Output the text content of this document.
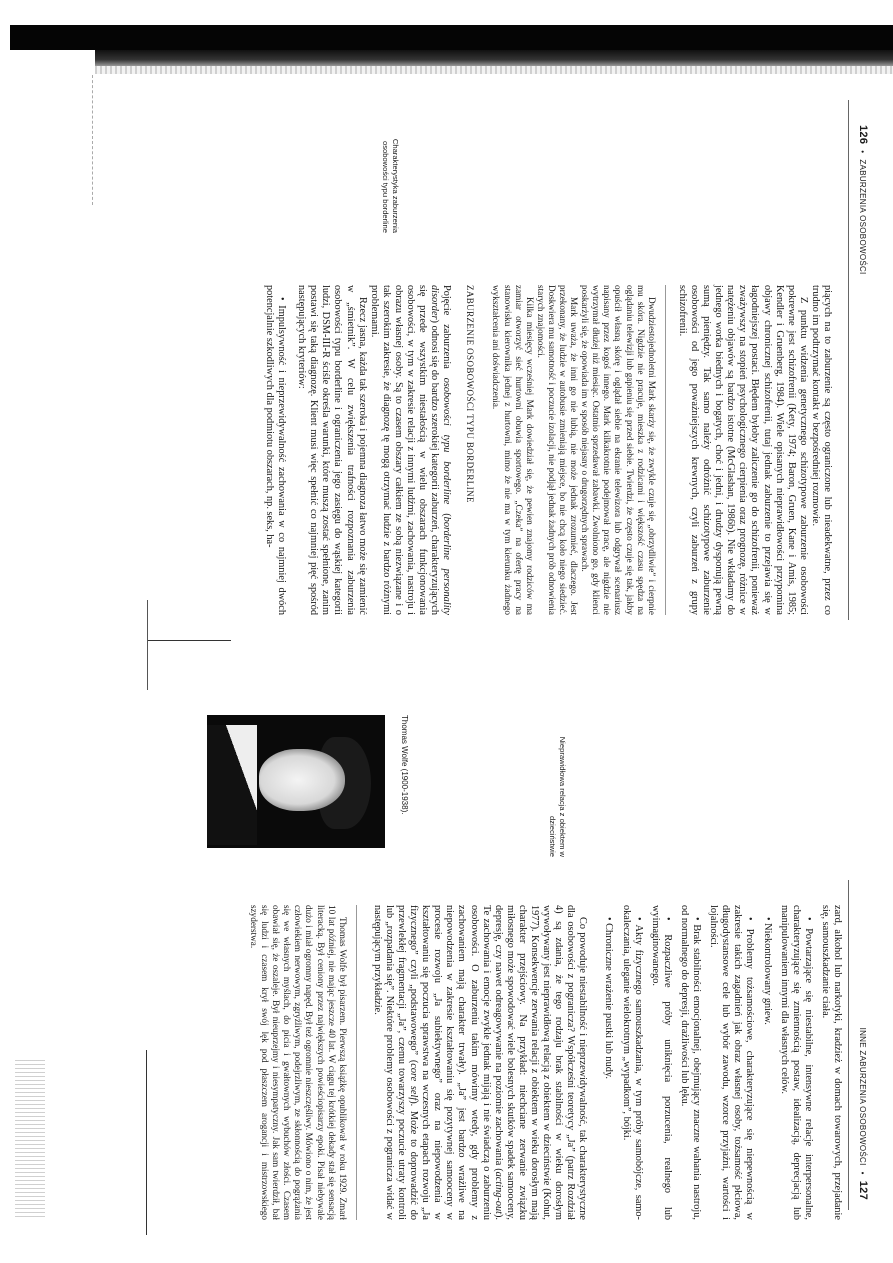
126•ZABURZENIA OSOBOWOŚCI
Charakterystyka zaburzenia osobowości typu borderline

piących na to zaburzenie są często ograniczone lub nieadekwatne, przez co trudno im podtrzymać kontakt w bezpośredniej rozmowie.

Z punktu widzenia genetycznego schizotypowe zaburzenie osobowości pokrewne jest schizofrenii (Kety, 1974; Baron, Gruen, Kane i Amis, 1985; Kendler i Gruenberg, 1984). Wiele opisanych nieprawidłowości przypomina objawy chronicznej schizofrenii, tutaj jednak zaburzenie to przejawia się w łagodniejszej postaci. Błędem byłoby zaliczenie go do schizofrenii, ponieważ zważywszy na stopień psychologicznego cierpienia oraz prognozę, różnice w natężeniu objawów są bardzo istotne (McGlashan, 1986b). Nie wkładamy do jednego worka biednych i bogatych, choć i jedni, i drudzy dysponują pewną sumą pieniędzy. Tak samo należy odróżnić schizotypowe zaburzenie osobowości od jego poważniejszych krewnych, czyli zaburzeń z grupy schizofrenii.

Dwudziestojednoletni Mark skarży się, że zwykle czuje się „obrzydliwie” i cierpnie mu skóra. Nigdzie nie pracuje, mieszka z rodzicami i większość czasu spędza na oglądaniu telewizji lub gapieniu się przed siebie. Twierdzi, że często czuje się tak, jakby opuścił własną skórę i oglądał siebie na ekranie telewizora lub odgrywał scenariusz napisany przez kogoś innego. Mark kilkakrotnie podejmował pracę, ale nigdzie nie wytrzymał dłużej niż miesiąc. Ostatnio sprzedawał zabawki. Zwolniono go, gdy klienci poskarżyli się, że opowiada im w sposób niejasny o drugorzędnych sprawach.

Mark uważa, że inni go nie lubią, nie może jednak zrozumieć, dlaczego. Jest przekonany, że ludzie w autobusie zmieniają miejsce, bo nie chcą koło niego siedzieć. Doskwiera mu samotność i poczucie izolacji, nie podjął jednak żadnych prób odnowienia starych znajomości.

Kilka miesięcy wcześniej Mark dowiedział się, że pewien znajomy rodziców ma zamiar otworzyć sieć hurtowni obuwia sportowego. „Czeka” na ofertę pracy na stanowisku kierownika jednej z hurtowni, mimo że nie ma w tym kierunku żadnego wykształcenia ani doświadczenia.

ZABURZENIE OSOBOWOŚCI TYPU BORDERLINE

Pojęcie zaburzenia osobowości typu borderline (borderline personality disorder) odnosi się do bardzo szerokiej kategorii zaburzeń, charakteryzujących się przede wszystkim niestałością w wielu obszarach funkcjonowania osobowości, w tym w zakresie relacji z innymi ludźmi, zachowania, nastroju i obrazu własnej osoby. Są to czasem obszary całkiem ze sobą niezwiązane i o tak szerokim zakresie, że diagnozę tę mogą otrzymać ludzie z bardzo różnymi problemami.

Rzecz jasna, każda tak szeroka i pojemna diagnoza łatwo może się zamienić w „śmietnik”. W celu zwiększenia trafności rozpoznania zaburzenia osobowości typu borderline i ograniczenia jego zasięgu do wąskiej kategorii ludzi, DSM-III-R ściśle określa warunki, które muszą zostać spełnione, zanim postawi się taką diagnozę. Klient musi więc spełnić co najmniej pięć spośród następujących kryteriów:

• Impulsywność i nieprzewidywalność zachowania w co najmniej dwóch potencjalnie szkodliwych dla podmiotu obszarach, np. seks, ha-

INNE ZABURZENIA OSOBOWOŚCI•127
Nieprawidłowa relacja z obiektem w dzieciństwie
Thomas Wolfe (1900-1938).

zard, alkohol lub narkotyki, kradzież w domach towarowych, przejadanie się, samouszkadzanie ciała.

• Powtarzające się niestabilne, intensywne relacje interpersonalne, charakteryzujące się zmiennością postaw, idealizacją, deprecjacją lub manipulowaniem innymi dla własnych celów.

• Niekontrolowany gniew.

• Problemy tożsamościowe, charakteryzujące się niepewnością w zakresie takich zagadnień jak obraz własnej osoby, tożsamość płciowa, długodystansowe cele lub wybór zawodu, wzorce przyjaźni, wartości i lojalności.

• Brak stabilności emocjonalnej, obejmujący znaczne wahania nastroju, od normalnego do depresji, drażliwości lub lęku.

• Rozpaczliwe próby uniknięcia porzucenia, realnego lub wyimaginowanego.

• Akty fizycznego samouszkadzania, w tym próby samobójcze, samo-okaleczania, uleganie wielokrotnym „wypadkom”, bójki.

• Chroniczne wrażenie pustki lub nudy.

Co powoduje niestabilność i nieprzewidywalność, tak charakterystyczne dla osobowości z pogranicza? Współcześni teoretycy „Ja” (patrz Rozdział 4) są zdania, że tego rodzaju brak stabilności w wieku dorosłym wywoływany jest nieprawidłową relacją z obiektem w dzieciństwie (Kohut, 1977). Konsekwencje zerwania relacji z obiektem w wieku dorosłym mają charakter przejściowy. Na przykład: niechciane zerwanie związku miłosnego może spowodować wiele bolesnych skutków spadek samooceny, depresję, czy nawet odreagowywanie na poziomie zachowania (acting-out). Te zachowania i emocje zwykle jednak mijają i nie świadczą o zaburzeniu osobowości. O zaburzeniu takim mówimy wtedy, gdy problemy z zachowaniem mają charakter trwały). „Ja” jest bardzo wrażliwe na niepowodzenia w zakresie kształtowaniu się pozytywnej samooceny w procesie rozwoju „Ja subiektywnego” oraz na niepowodzenia w kształtowaniu się poczucia sprawstwa na wczesnych etapach rozwoju „Ja fizycznego” czyli „podstawowego” (core self). Może to doprowadzić do przewlekłej fragmentacji „Ja”, czemu towarzyszy poczucie utraty kontroli lub „rozpadania się”. Niektóre problemy osobowości z pogranicza widać w następującym przykładzie.

Thomas Wolfe był pisarzem. Pierwszą książkę opublikował w roku 1929. Zmarł 10 lat później, nie mając jeszcze 40 lat. W ciągu tej krótkiej dekady stał się sensacją literacką. Był ceniony przez największych powieściopisarzy epoki. Pisał niebywale dużo i miał ogromny napęd. Był też ogromnie nieszczęśliwy. Mówiono o nim, że jest człowiekiem nerwowym, zgryźliwym, podejrzliwym, ze skłonnością do pogrążania się we własnych myślach, do picia i gwałtownych wybuchów złości. Czasem obawiał się, że oszaleje. Był nieuprzejmy i niesympatyczny. Jak sam twierdził, bał się ludzi i czasem krył swój lęk pod płaszczem arogancji i mistrzowskiego szyderstwa.
